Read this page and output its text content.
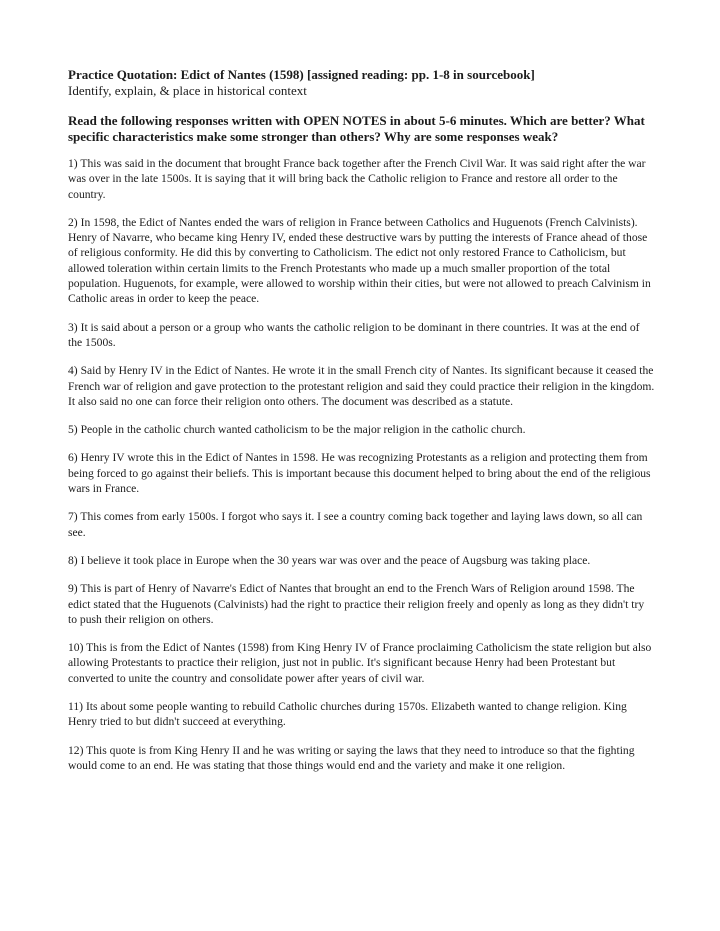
Practice Quotation: Edict of Nantes (1598) [assigned reading: pp. 1-8 in sourcebook]

Identify, explain, & place in historical context

Read the following responses written with OPEN NOTES in about 5-6 minutes. Which are better? What specific characteristics make some stronger than others? Why are some responses weak?

1) This was said in the document that brought France back together after the French Civil War. It was said right after the war was over in the late 1500s. It is saying that it will bring back the Catholic religion to France and restore all order to the country.

2) In 1598, the Edict of Nantes ended the wars of religion in France between Catholics and Huguenots (French Calvinists). Henry of Navarre, who became king Henry IV, ended these destructive wars by putting the interests of France ahead of those of religious conformity. He did this by converting to Catholicism. The edict not only restored France to Catholicism, but allowed toleration within certain limits to the French Protestants who made up a much smaller proportion of the total population. Huguenots, for example, were allowed to worship within their cities, but were not allowed to preach Calvinism in Catholic areas in order to keep the peace.

3) It is said about a person or a group who wants the catholic religion to be dominant in there countries. It was at the end of the 1500s.

4) Said by Henry IV in the Edict of Nantes. He wrote it in the small French city of Nantes. Its significant because it ceased the French war of religion and gave protection to the protestant religion and said they could practice their religion in the kingdom. It also said no one can force their religion onto others. The document was described as a statute.

5) People in the catholic church wanted catholicism to be the major religion in the catholic church.

6) Henry IV wrote this in the Edict of Nantes in 1598. He was recognizing Protestants as a religion and protecting them from being forced to go against their beliefs. This is important because this document helped to bring about the end of the religious wars in France.

7) This comes from early 1500s. I forgot who says it. I see a country coming back together and laying laws down, so all can see.

8) I believe it took place in Europe when the 30 years war was over and the peace of Augsburg was taking place.

9) This is part of Henry of Navarre's Edict of Nantes that brought an end to the French Wars of Religion around 1598. The edict stated that the Huguenots (Calvinists) had the right to practice their religion freely and openly as long as they didn't try to push their religion on others.

10) This is from the Edict of Nantes (1598) from King Henry IV of France proclaiming Catholicism the state religion but also allowing Protestants to practice their religion, just not in public. It's significant because Henry had been Protestant but converted to unite the country and consolidate power after years of civil war.

11) Its about some people wanting to rebuild Catholic churches during 1570s. Elizabeth wanted to change religion. King Henry tried to but didn't succeed at everything.

12) This quote is from King Henry II and he was writing or saying the laws that they need to introduce so that the fighting would come to an end. He was stating that those things would end and the variety and make it one religion.
